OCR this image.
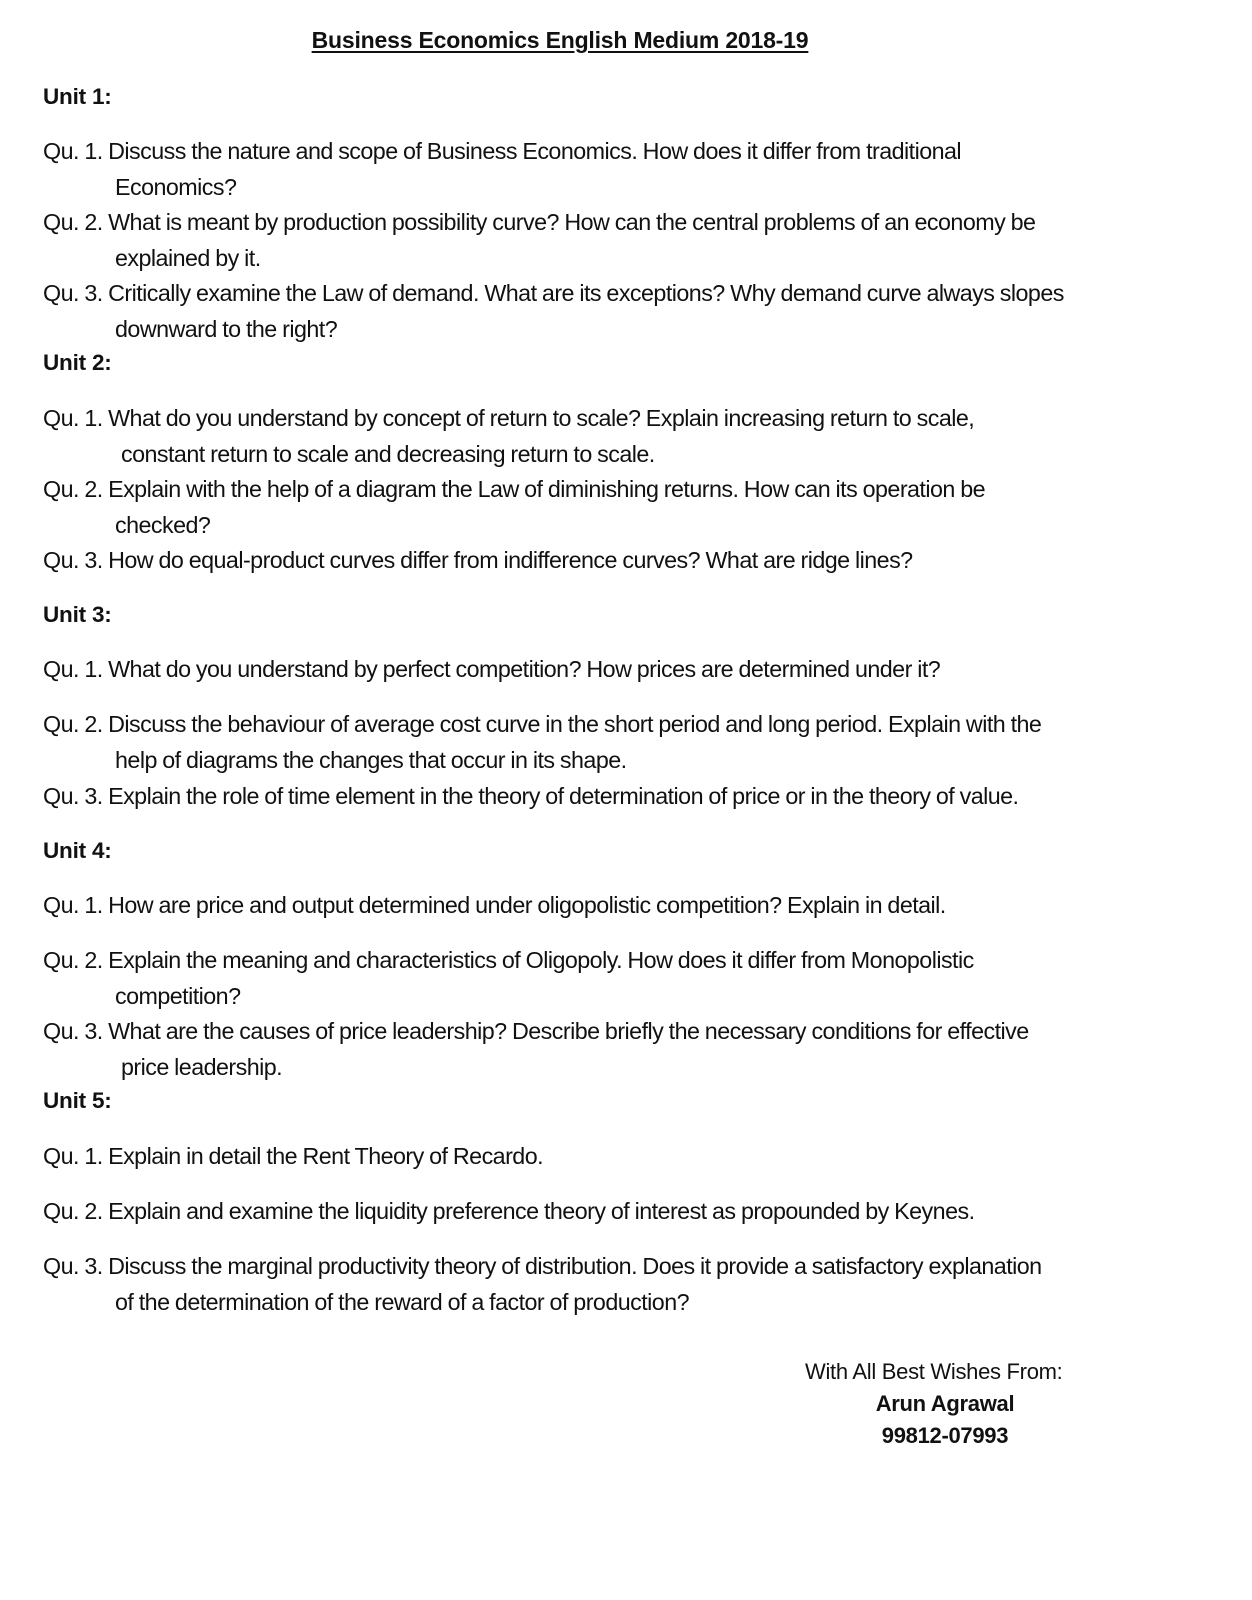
Business Economics English Medium 2018-19
Unit 1:
Qu. 1. Discuss the nature and scope of Business Economics. How does it differ from traditional
Economics?
Qu. 2. What is meant by production possibility curve? How can the central problems of an economy be
explained by it.
Qu. 3. Critically examine the Law of demand. What are its exceptions? Why demand curve always slopes
downward to the right?
Unit 2:
Qu. 1. What do you understand by concept of return to scale? Explain increasing return to scale,
constant return to scale and decreasing return to scale.
Qu. 2. Explain with the help of a diagram the Law of diminishing returns. How can its operation be
checked?
Qu. 3. How do equal-product curves differ from indifference curves? What are ridge lines?
Unit 3:
Qu. 1. What do you understand by perfect competition? How prices are determined under it?
Qu. 2. Discuss the behaviour of average cost curve in the short period and long period. Explain with the
help of diagrams the changes that occur in its shape.
Qu. 3. Explain the role of time element in the theory of determination of price or in the theory of value.
Unit 4:
Qu. 1. How are price and output determined under oligopolistic competition? Explain in detail.
Qu. 2. Explain the meaning and characteristics of Oligopoly. How does it differ from Monopolistic
competition?
Qu. 3. What are the causes of price leadership? Describe briefly the necessary conditions for effective
price leadership.
Unit 5:
Qu. 1. Explain in detail the Rent Theory of Recardo.
Qu. 2. Explain and examine the liquidity preference theory of interest as propounded by Keynes.
Qu. 3. Discuss the marginal productivity theory of distribution. Does it provide a satisfactory explanation
of the determination of the reward of a factor of production?
With All Best Wishes From:
Arun Agrawal
99812-07993
